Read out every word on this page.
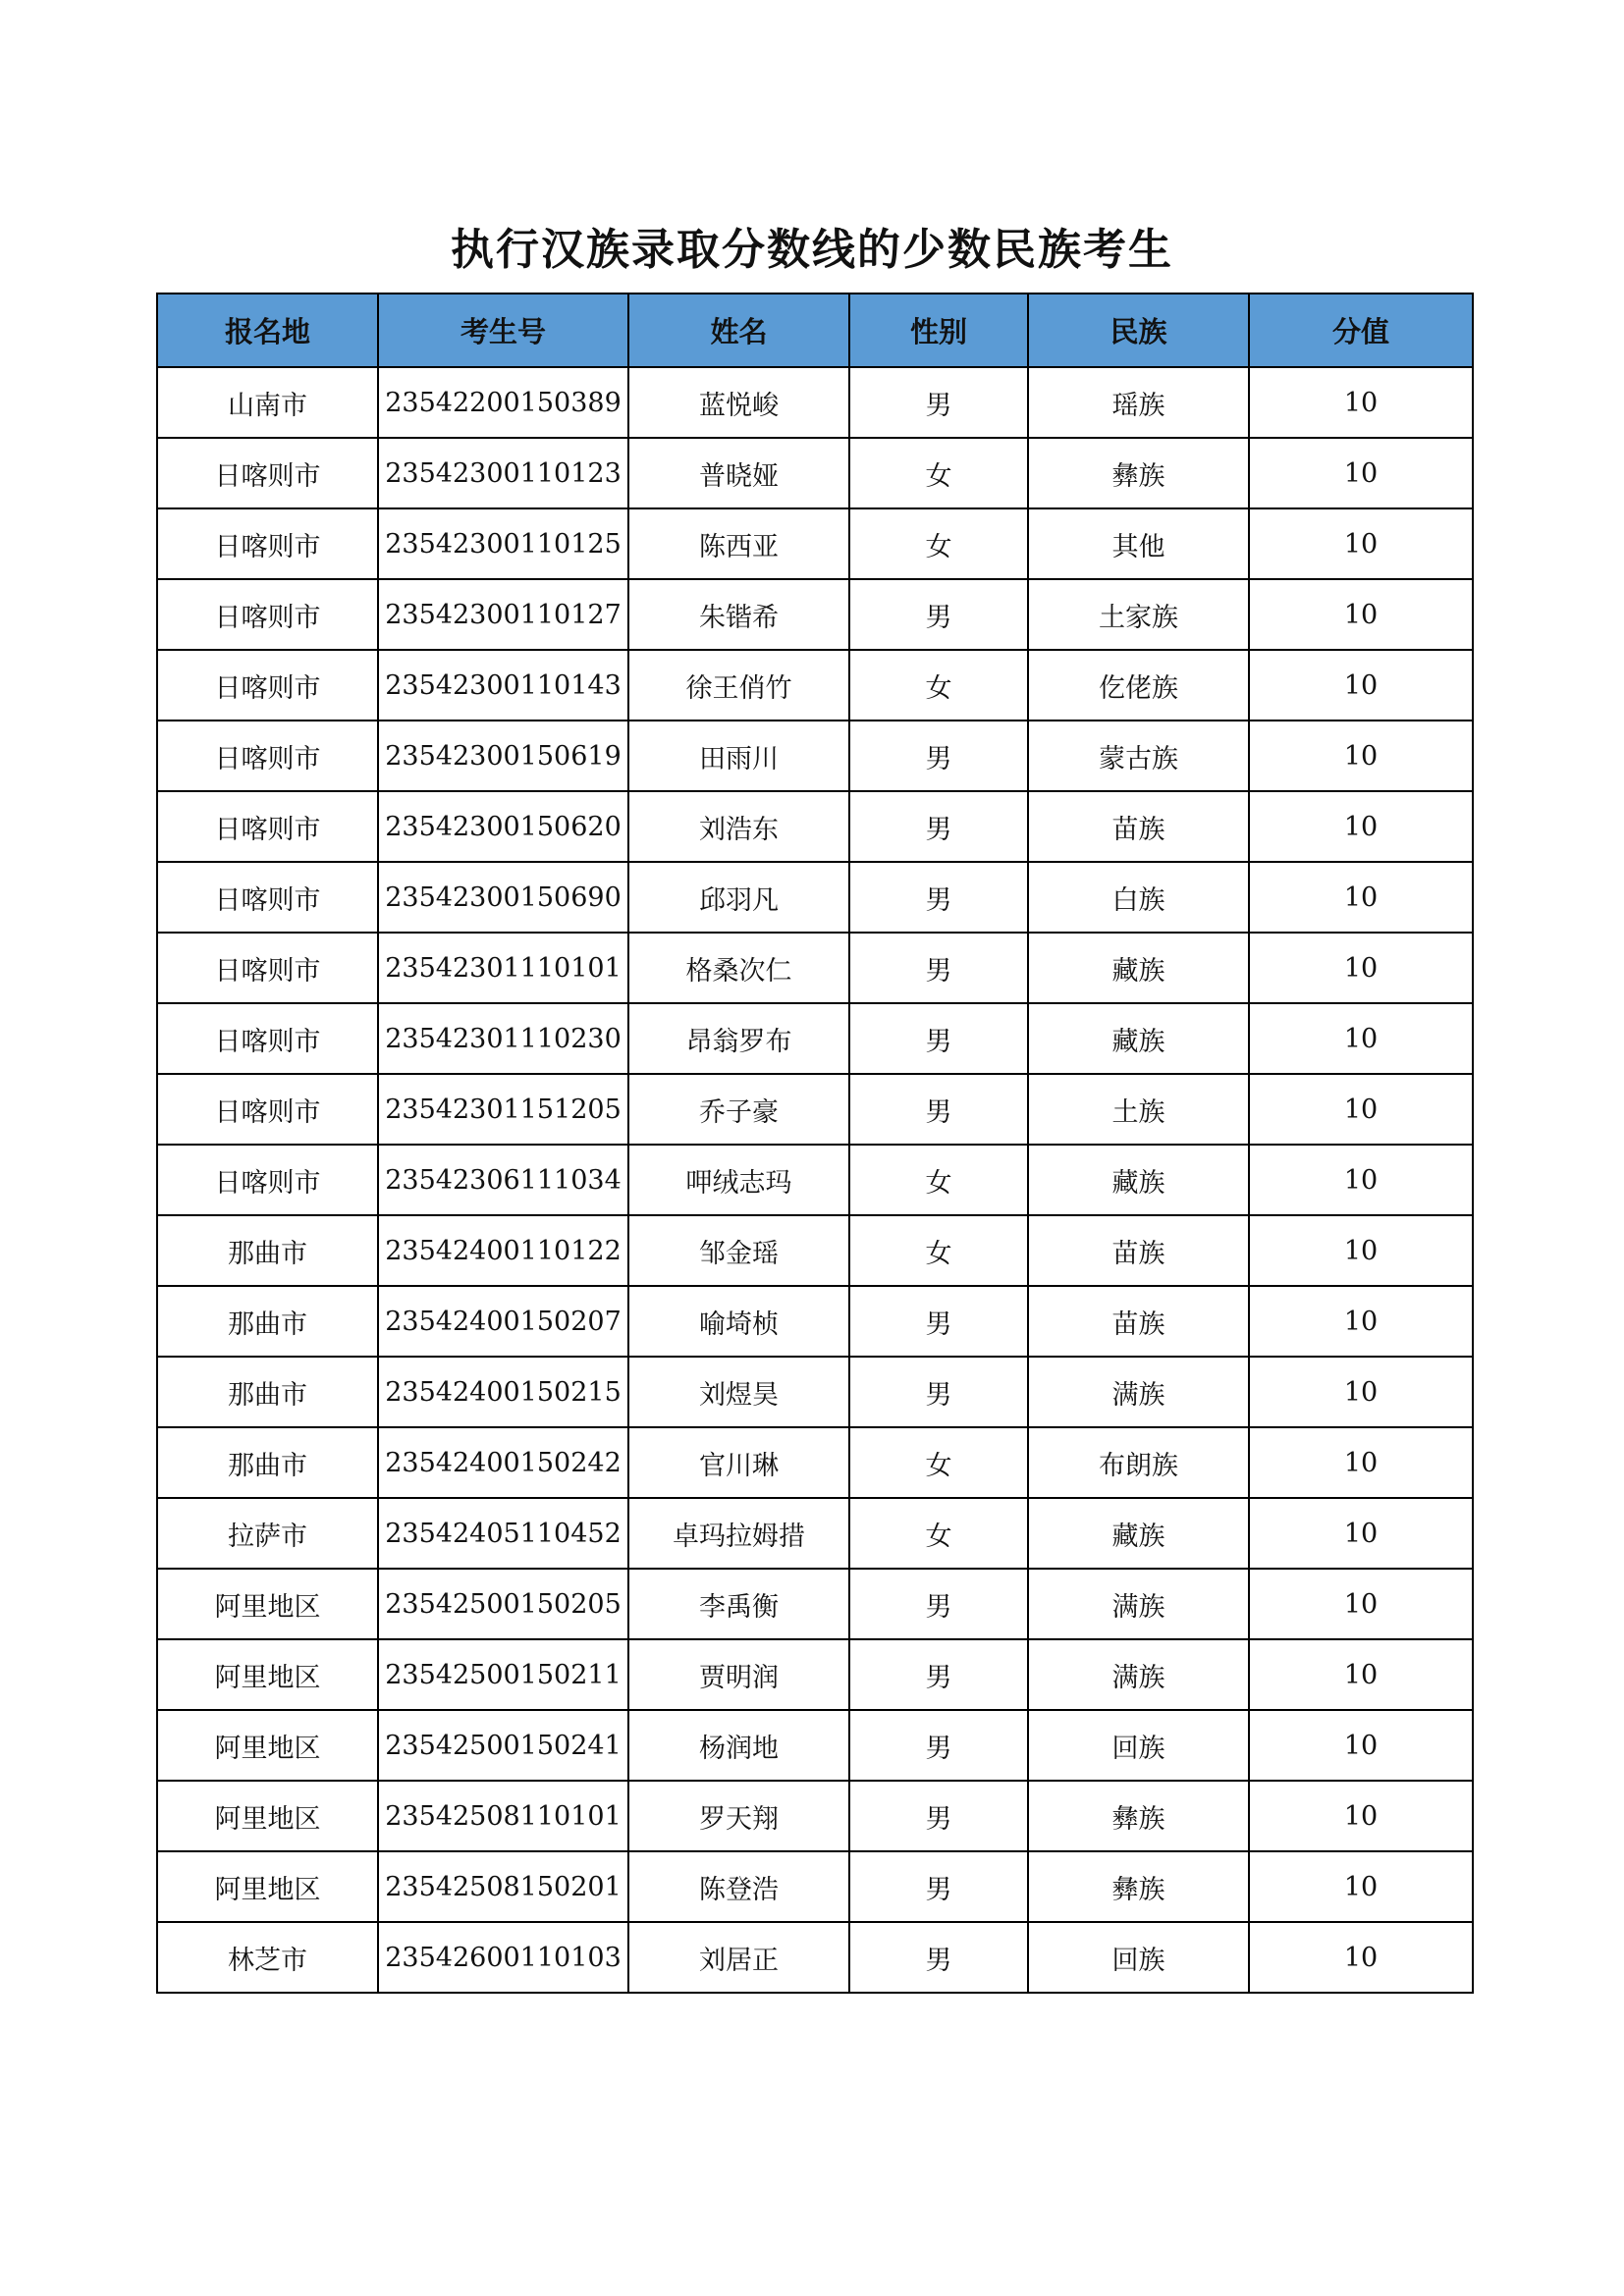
执行汉族录取分数线的少数民族考生
报名地	考生号	姓名	性别	民族	分值
山南市	23542200150389	蓝悦峻	男	瑶族	10
日喀则市	23542300110123	普晓娅	女	彝族	10
日喀则市	23542300110125	陈西亚	女	其他	10
日喀则市	23542300110127	朱锴希	男	土家族	10
日喀则市	23542300110143	徐王俏竹	女	仡佬族	10
日喀则市	23542300150619	田雨川	男	蒙古族	10
日喀则市	23542300150620	刘浩东	男	苗族	10
日喀则市	23542300150690	邱羽凡	男	白族	10
日喀则市	23542301110101	格桑次仁	男	藏族	10
日喀则市	23542301110230	昂翁罗布	男	藏族	10
日喀则市	23542301151205	乔子豪	男	土族	10
日喀则市	23542306111034	呷绒志玛	女	藏族	10
那曲市	23542400110122	邹金瑶	女	苗族	10
那曲市	23542400150207	喻埼桢	男	苗族	10
那曲市	23542400150215	刘煜昊	男	满族	10
那曲市	23542400150242	官川琳	女	布朗族	10
拉萨市	23542405110452	卓玛拉姆措	女	藏族	10
阿里地区	23542500150205	李禹衡	男	满族	10
阿里地区	23542500150211	贾明润	男	满族	10
阿里地区	23542500150241	杨润地	男	回族	10
阿里地区	23542508110101	罗天翔	男	彝族	10
阿里地区	23542508150201	陈登浩	男	彝族	10
林芝市	23542600110103	刘居正	男	回族	10
